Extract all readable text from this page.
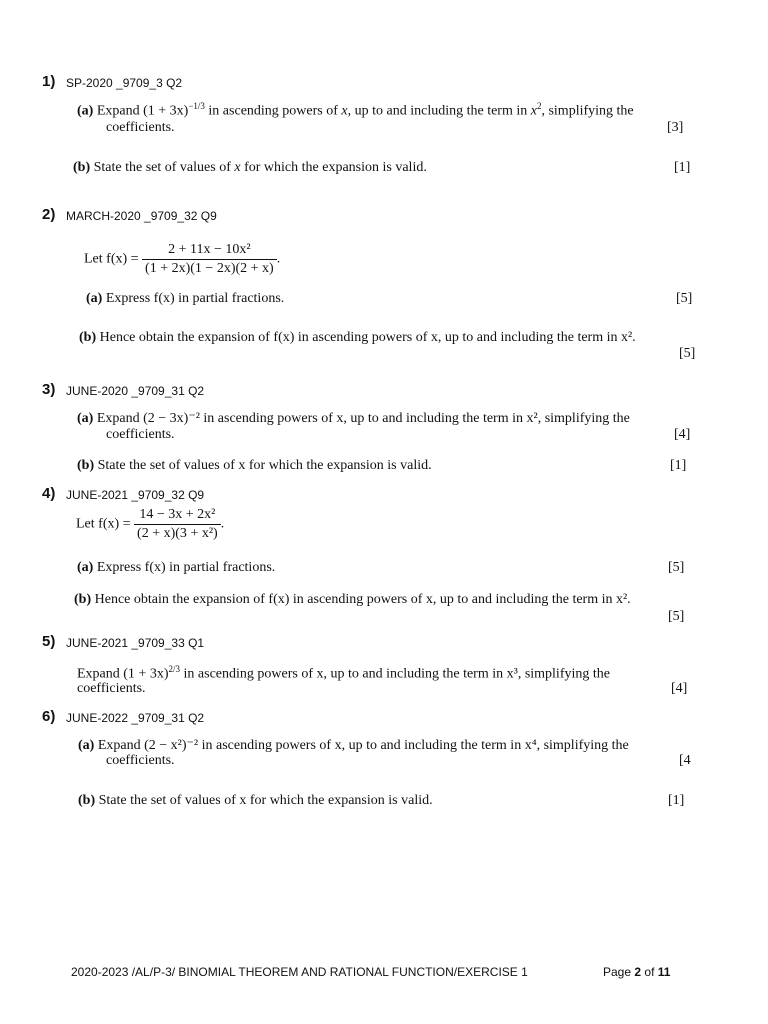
1) SP-2020 _9709_3 Q2
(a) Expand $(1 + 3x)^{-1/3}$ in ascending powers of x, up to and including the term in $x^2$, simplifying the
coefficients.	[3]
(b) State the set of values of x for which the expansion is valid.	[1]
2) MARCH-2020 _9709_32 Q9
Let $f(x) = \frac{\text{2 + 11x − 10x²}}{(1 + 2x)(1 - 2x)(2 + x)}$ .
(a) Express f(x) in partial fractions.	[5]
(b) Hence obtain the expansion of f(x) in ascending powers of x, up to and including the term in x².
[5]
3) JUNE-2020 _9709_31 Q2
(a) Expand (2 − 3x)⁻² in ascending powers of x, up to and including the term in x², simplifying the
coefficients.	[4]
(b) State the set of values of x for which the expansion is valid.	[1]
4) JUNE-2021 _9709_32 Q9
Let $f(x) = \frac{\text{14 − 3x + 2x²}}{\text{(2 + x)(3 + x²)}}$ .
(a) Express f(x) in partial fractions.	[5]
(b) Hence obtain the expansion of f(x) in ascending powers of x, up to and including the term in x².
[5]
5) JUNE-2021 _9709_33 Q1
Expand $(1 + 3x)^{2/3}$ in ascending powers of x, up to and including the term in x³, simplifying the
coefficients.	[4]
6) JUNE-2022 _9709_31 Q2
(a) Expand (2 − x²)⁻² in ascending powers of x, up to and including the term in x⁴, simplifying the
coefficients.	[4
(b) State the set of values of x for which the expansion is valid.	[1]
2020-2023 /AL/P-3/ BINOMIAL THEOREM AND RATIONAL FUNCTION/EXERCISE 1	Page 2 of 11
